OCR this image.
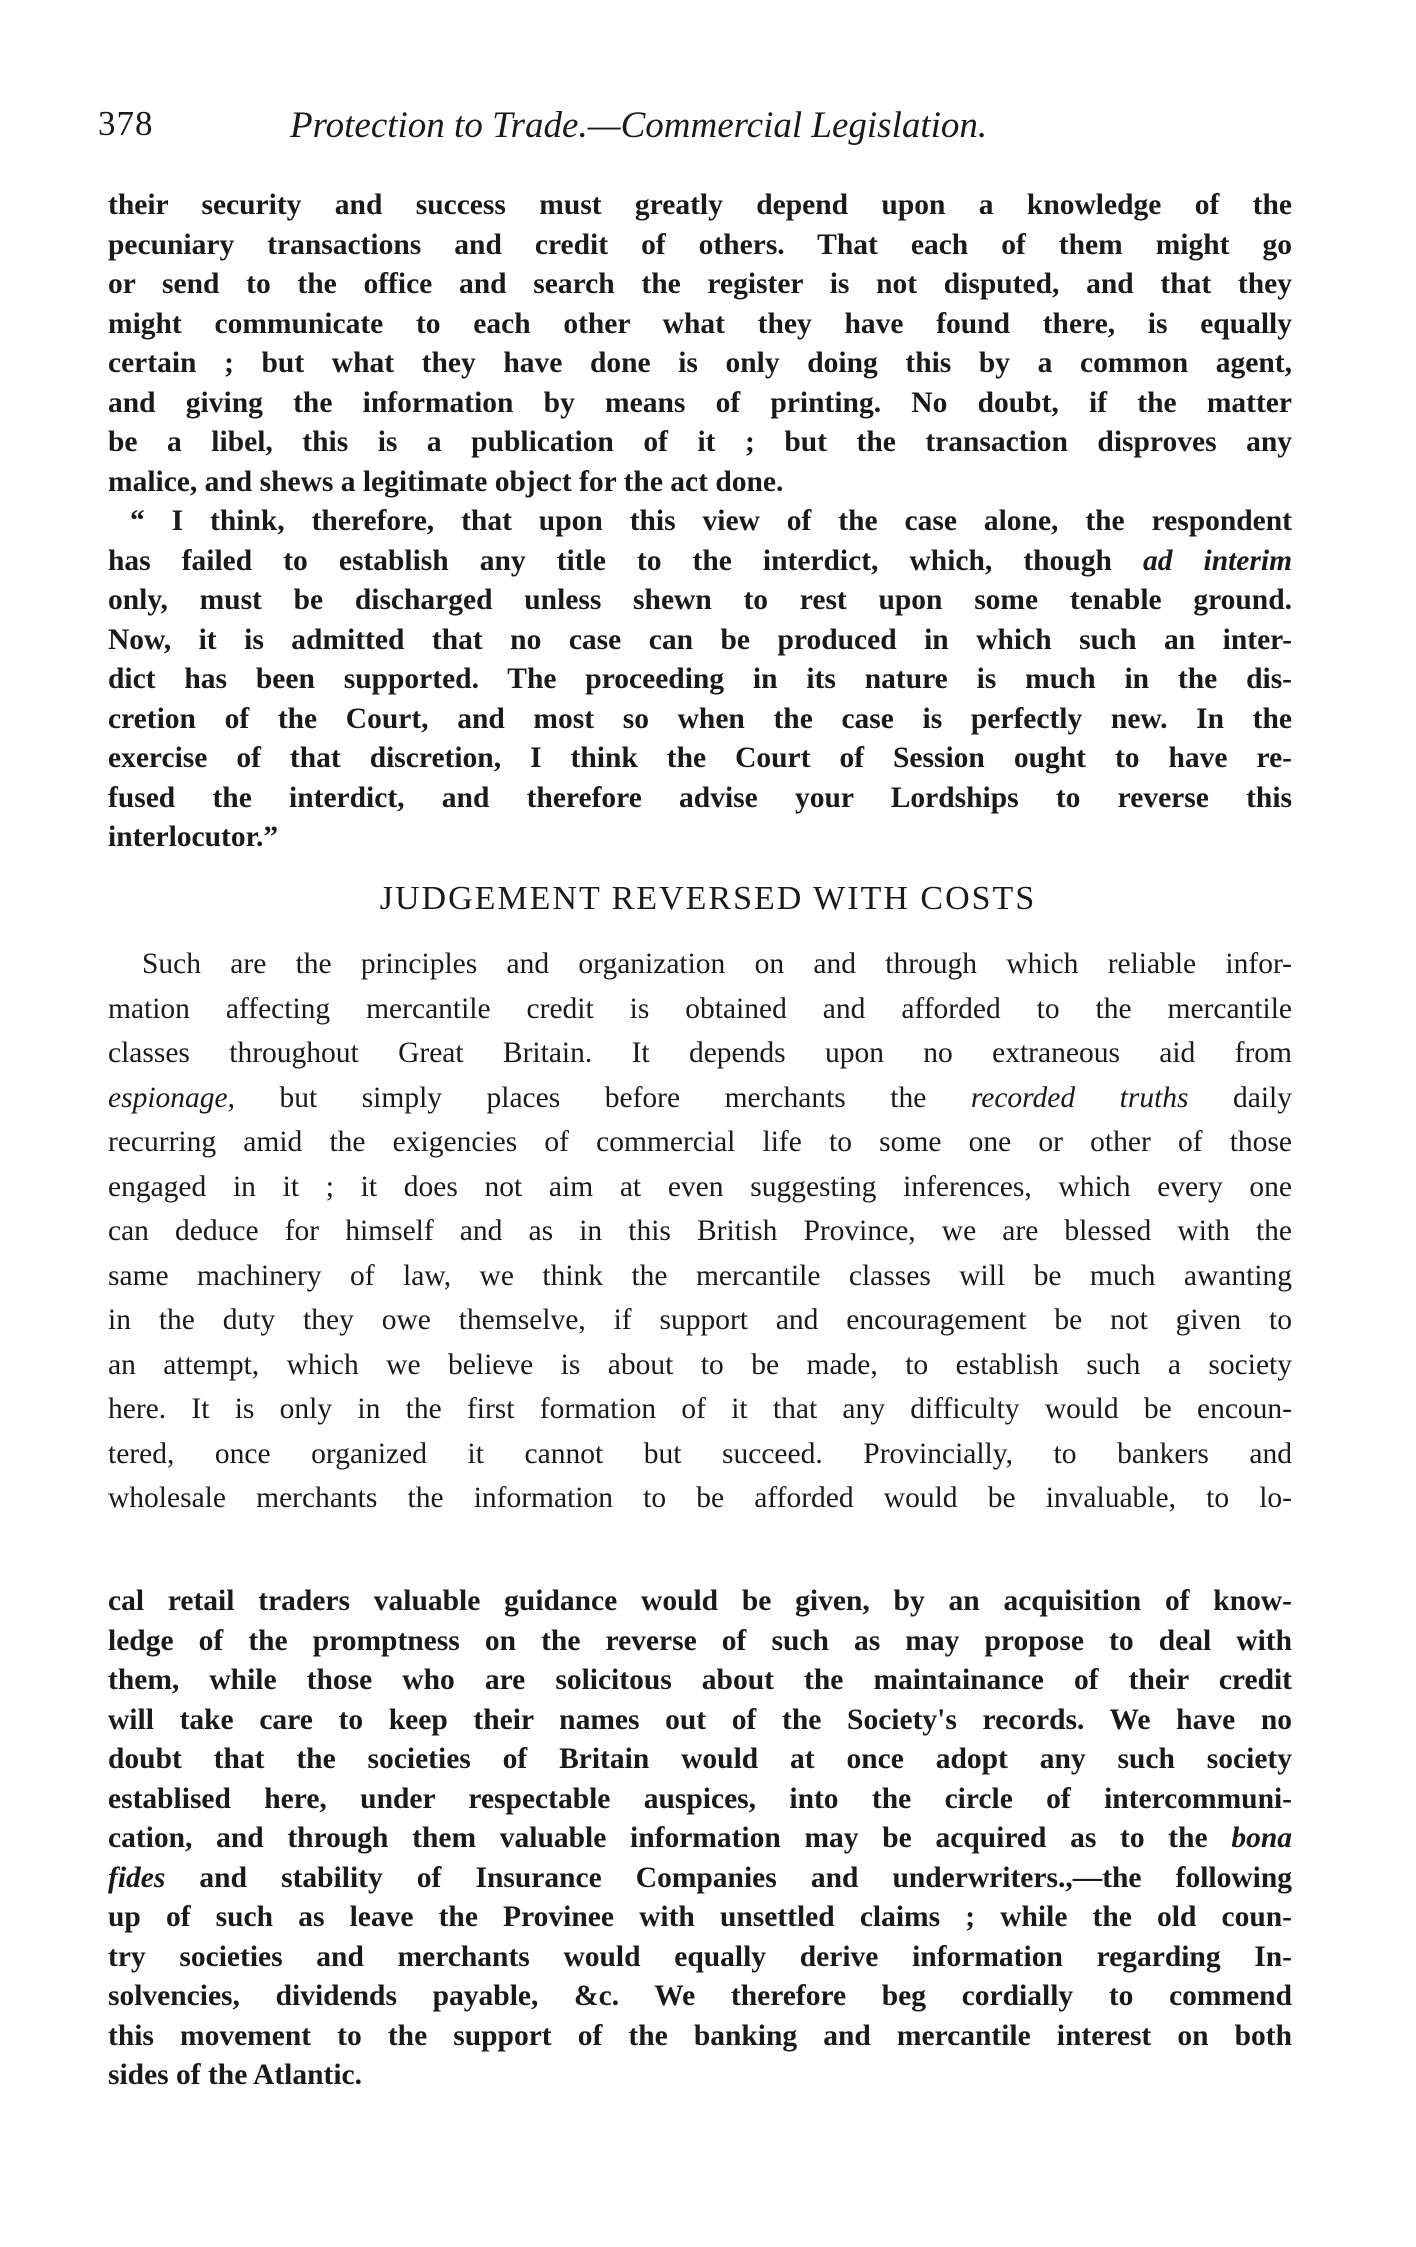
378	Protection to Trade.—Commercial Legislation.
their security and success must greatly depend upon a knowledge of the
pecuniary transactions and credit of others. That each of them might go
or send to the office and search the register is not disputed, and that they
might communicate to each other what they have found there, is equally
certain ; but what they have done is only doing this by a common agent,
and giving the information by means of printing. No doubt, if the matter
be a libel, this is a publication of it ; but the transaction disproves any
malice, and shews a legitimate object for the act done.
“ I think, therefore, that upon this view of the case alone, the respondent
has failed to establish any title to the interdict, which, though ad interim
only, must be discharged unless shewn to rest upon some tenable ground.
Now, it is admitted that no case can be produced in which such an inter-
dict has been supported. The proceeding in its nature is much in the dis-
cretion of the Court, and most so when the case is perfectly new. In the
exercise of that discretion, I think the Court of Session ought to have re-
fused the interdict, and therefore advise your Lordships to reverse this
interlocutor.”
JUDGEMENT REVERSED WITH COSTS
Such are the principles and organization on and through which reliable infor-
mation affecting mercantile credit is obtained and afforded to the mercantile
classes throughout Great Britain. It depends upon no extraneous aid from
espionage, but simply places before merchants the recorded truths daily
recurring amid the exigencies of commercial life to some one or other of those
engaged in it ; it does not aim at even suggesting inferences, which every one
can deduce for himself and as in this British Province, we are blessed with the
same machinery of law, we think the mercantile classes will be much awanting
in the duty they owe themselve, if support and encouragement be not given to
an attempt, which we believe is about to be made, to establish such a society
here. It is only in the first formation of it that any difficulty would be encoun-
tered, once organized it cannot but succeed. Provincially, to bankers and
wholesale merchants the information to be afforded would be invaluable, to lo-
cal retail traders valuable guidance would be given, by an acquisition of know-
ledge of the promptness on the reverse of such as may propose to deal with
them, while those who are solicitous about the maintainance of their credit
will take care to keep their names out of the Society's records. We have no
doubt that the societies of Britain would at once adopt any such society
establised here, under respectable auspices, into the circle of intercommuni-
cation, and through them valuable information may be acquired as to the bona
fides and stability of Insurance Companies and underwriters.,—the following
up of such as leave the Provinee with unsettled claims ; while the old coun-
try societies and merchants would equally derive information regarding In-
solvencies, dividends payable, &c. We therefore beg cordially to commend
this movement to the support of the banking and mercantile interest on both
sides of the Atlantic.
